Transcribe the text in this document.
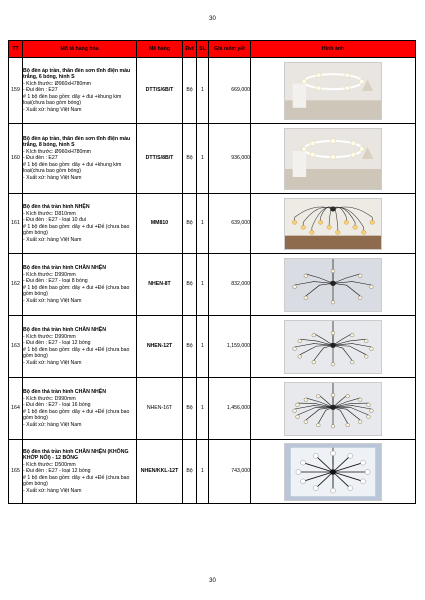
30
TT	Mô tả hàng hóa	Mã hàng	Đvt	SL	Giá niêm yết	Hình ảnh
159	Bộ đèn áp trần, thân đèn sơn tĩnh điện màu trắng, 6 bóng, hình S
- Kích thước: Ø960xH780mm
- Đui đèn : E27
# 1 bộ đèn bao gồm: dây + đui +khung kim loại(chưa bao gồm bóng)
- Xuất xứ: hàng Việt Nam	DTT/S/6B/T	Bộ	1	669,000	

160	Bộ đèn áp trần, thân đèn sơn tĩnh điện màu trắng, 8 bóng, hình S
- Kích thước: Ø960xH780mm
- Đui đèn : E27
# 1 bộ đèn bao gồm: dây + đui +khung kim loại(chưa bao gồm bóng)
- Xuất xứ: hàng Việt Nam	DTT/S/8B/T	Bộ	1	936,000	

161	Bộ đèn thả trần hình NHỆN
- Kích thước: D810mm
- Đui đèn : E27 - loại 10 đui
# 1 bộ đèn bao gồm: dây + đui +Đế (chưa bao gồm bóng)
- Xuất xứ: hàng Việt Nam	MM810	Bộ	1	639,000	

162	Bộ đèn thả trần hình CHÂN NHỆN
- Kích thước: D990mm
- Đui đèn : E27 - loại 8 bóng
# 1 bộ đèn bao gồm: dây + đui +Đế (chưa bao gồm bóng)
- Xuất xứ: hàng Việt Nam	NHEN-8T	Bộ	1	832,000	

163	Bộ đèn thả trần hình CHÂN NHỆN
- Kích thước: D990mm
- Đui đèn : E27 - loại 12 bóng
# 1 bộ đèn bao gồm: dây + đui +Đế (chưa bao gồm bóng)
- Xuất xứ: hàng Việt Nam	NHEN-12T	Bộ	1	1,159,000	

164	Bộ đèn thả trần hình CHÂN NHỆN
- Kích thước: D990mm
- Đui đèn : E27 - loại 16 bóng
# 1 bộ đèn bao gồm: dây + đui +Đế (chưa bao gồm bóng)
- Xuất xứ: hàng Việt Nam	NHEN-16T	Bộ	1	1,456,000	

165	Bộ đèn thả trần hình CHÂN NHỆN (KHÔNG KHỚP NỐI) - 12 BÓNG
- Kích thước: D500mm
- Đui đèn : E27 - loại 12 bóng
# 1 bộ đèn bao gồm: dây + đui +Đế (chưa bao gồm bóng)
- Xuất xứ: hàng Việt Nam	NHEN/KKL-12T	Bộ	1	743,000	
30
